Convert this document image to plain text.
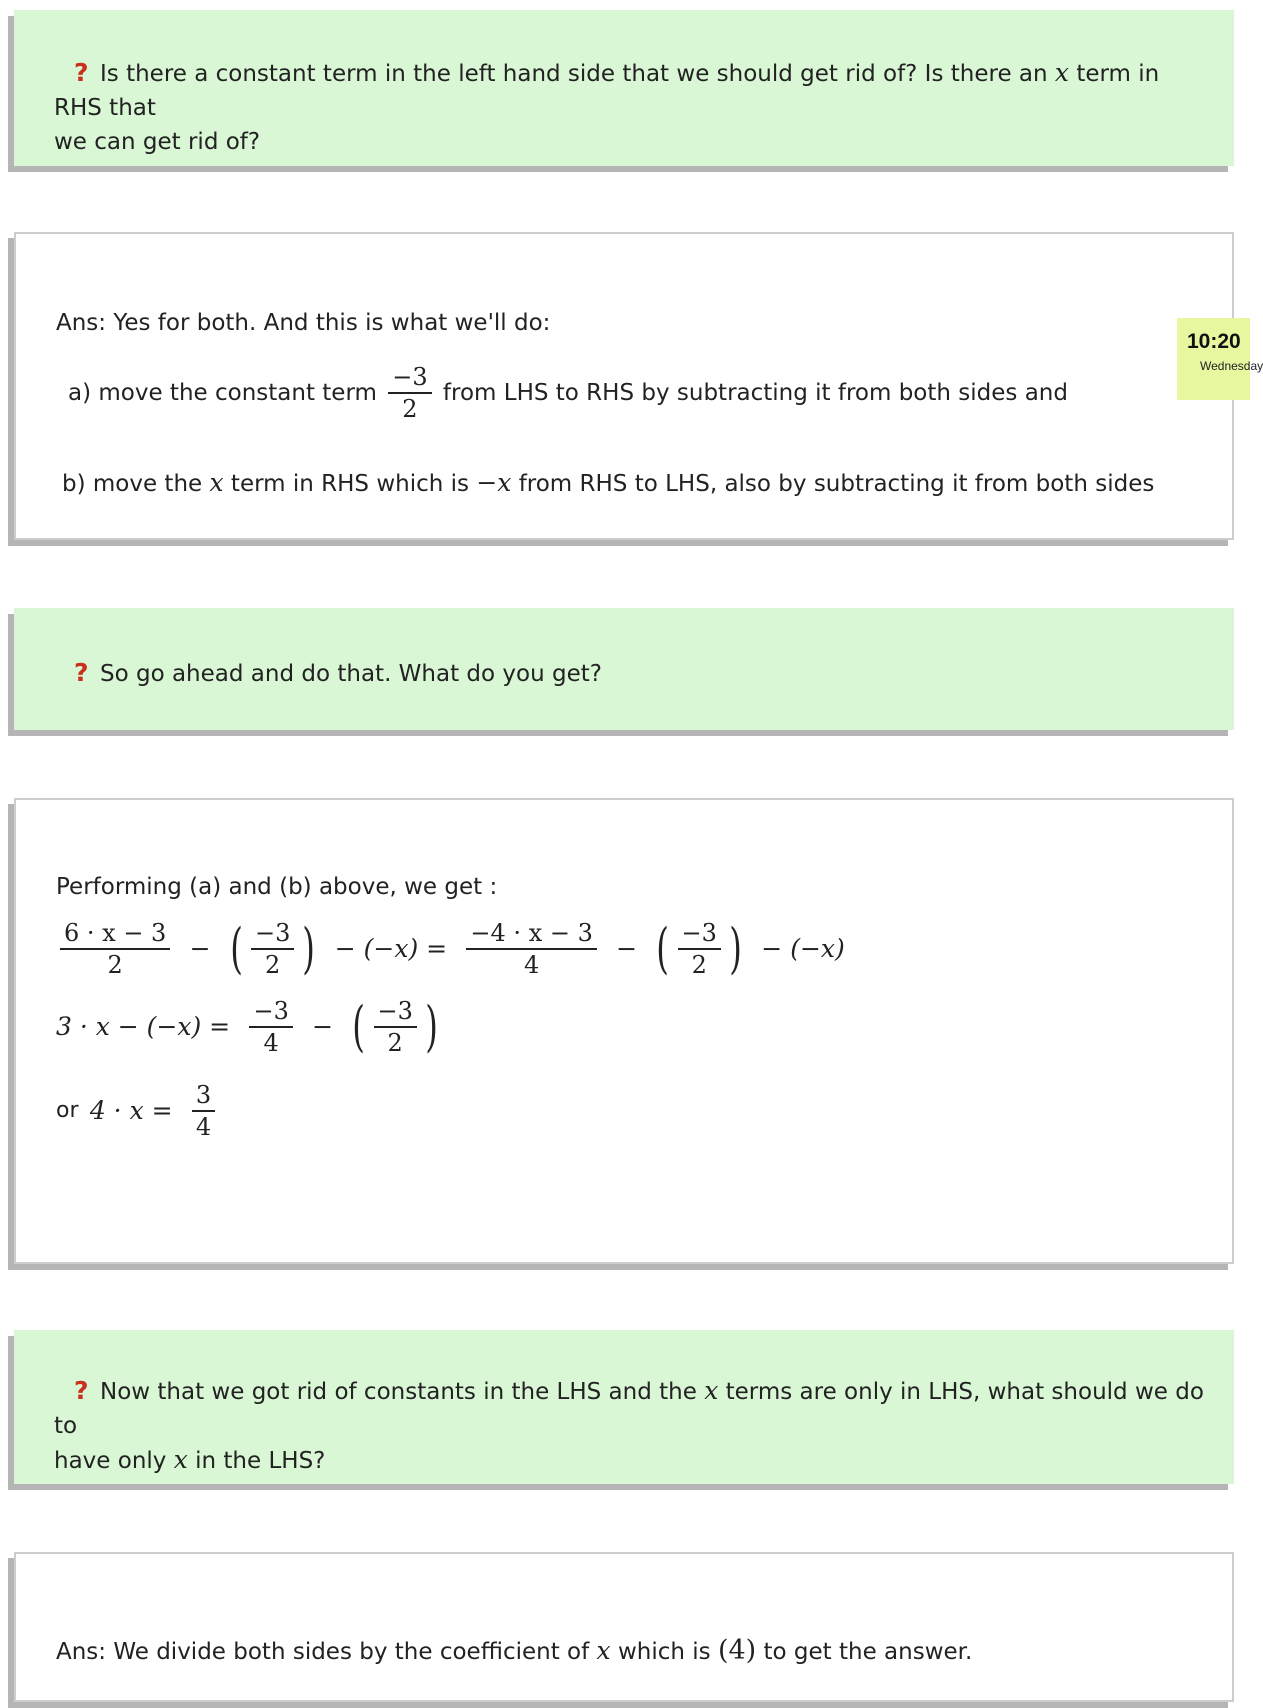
? Is there a constant term in the left hand side that we should get rid of? Is there an x term in RHS that
we can get rid of?
Ans: Yes for both. And this is what we'll do:
a) move the constant term $\frac{-3}{2}$ from LHS to RHS by subtracting it from both sides and
b) move the x term in RHS which is −x from RHS to LHS, also by subtracting it from both sides
? So go ahead and do that. What do you get?
Performing (a) and (b) above, we get :
$\frac{6 \cdot x - 3}{2}$ − ( $\frac{-3}{2}$ ) − $(-x) = \frac{-4 \cdot x - 3}{4}$ − ( $\frac{-3}{2}$ ) − (−x)
$3 \cdot x - (-x) = \frac{-3}{4}$ − ( $\frac{-3}{2}$ )
or $4 \cdot x = \frac{3}{4}$
? Now that we got rid of constants in the LHS and the x terms are only in LHS, what should we do to
have only x in the LHS?
Ans: We divide both sides by the coefficient of x which is (4) to get the answer.
10:20
Wednesday
